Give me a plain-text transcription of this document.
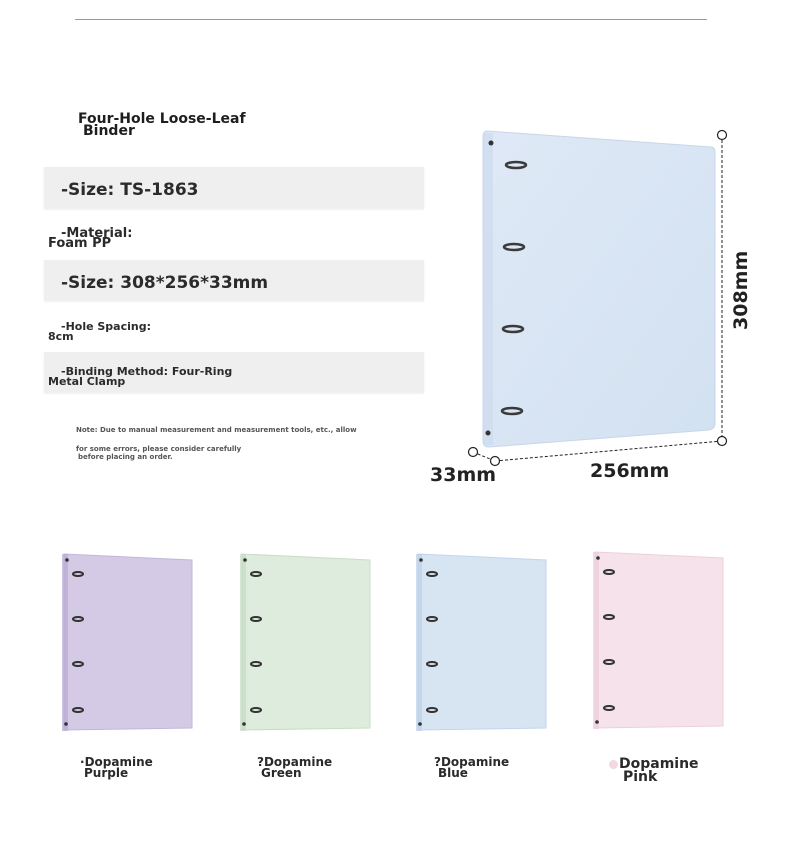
Four-Hole Loose-Leaf
Binder
-Size: TS-1863
-Material:
Foam PP
-Size: 308*256*33mm
-Hole Spacing:
8cm
-Binding Method: Four-Ring
Metal Clamp
Note: Due to manual measurement and measurement tools, etc., allow
for some errors, please consider carefully
before placing an order.
308mm
256mm
33mm
·Dopamine
Purple
?Dopamine
Green
?Dopamine
Blue
Dopamine
Pink
